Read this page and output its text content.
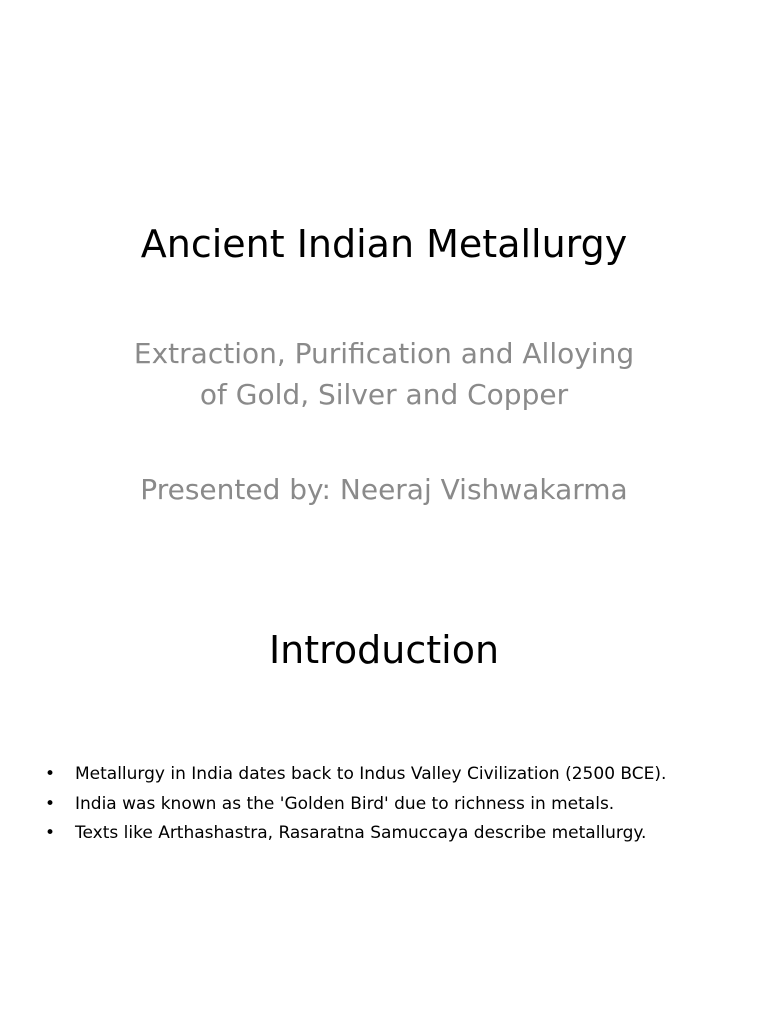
Ancient Indian Metallurgy
Extraction, Purification and Alloying
of Gold, Silver and Copper
Presented by: Neeraj Vishwakarma
Introduction
• Metallurgy in India dates back to Indus Valley Civilization (2500 BCE).
• India was known as the 'Golden Bird' due to richness in metals.
• Texts like Arthashastra, Rasaratna Samuccaya describe metallurgy.
